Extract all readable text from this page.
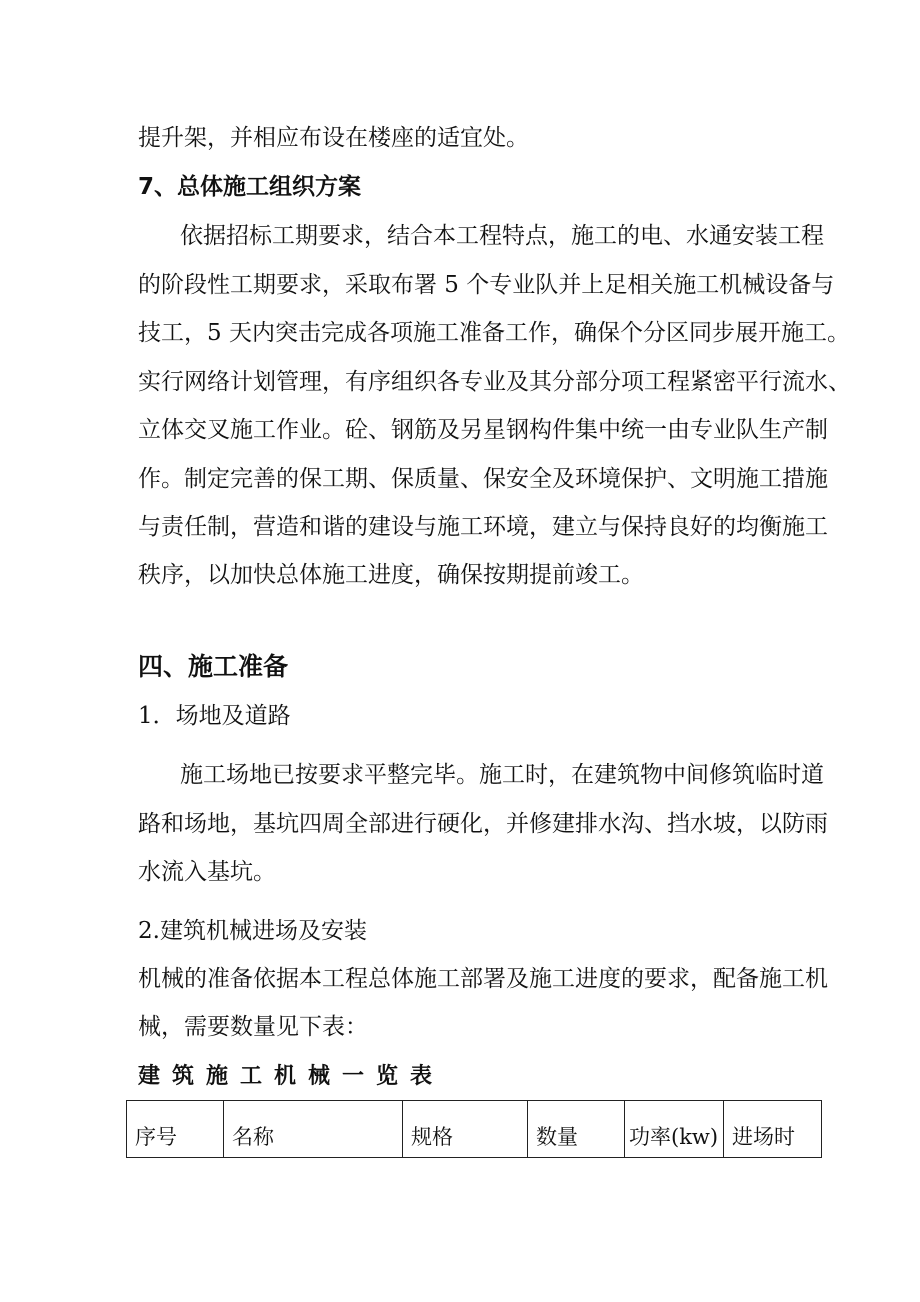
提升架，并相应布设在楼座的适宜处。
7、总体施工组织方案
依据招标工期要求，结合本工程特点，施工的电、水通安装工程
的阶段性工期要求，采取布署 5 个专业队并上足相关施工机械设备与
技工，5 天内突击完成各项施工准备工作，确保个分区同步展开施工。
实行网络计划管理，有序组织各专业及其分部分项工程紧密平行流水、
立体交叉施工作业。砼、钢筋及另星钢构件集中统一由专业队生产制
作。制定完善的保工期、保质量、保安全及环境保护、文明施工措施
与责任制，营造和谐的建设与施工环境，建立与保持良好的均衡施工
秩序，以加快总体施工进度，确保按期提前竣工。
四、施工准备
1．场地及道路
施工场地已按要求平整完毕。施工时，在建筑物中间修筑临时道
路和场地，基坑四周全部进行硬化，并修建排水沟、挡水坡，以防雨
水流入基坑。
2.建筑机械进场及安装
机械的准备依据本工程总体施工部署及施工进度的要求，配备施工机
械，需要数量见下表：
建筑施工机械一览表
序号	名称	规格	数量	功率(kw)	进场时
